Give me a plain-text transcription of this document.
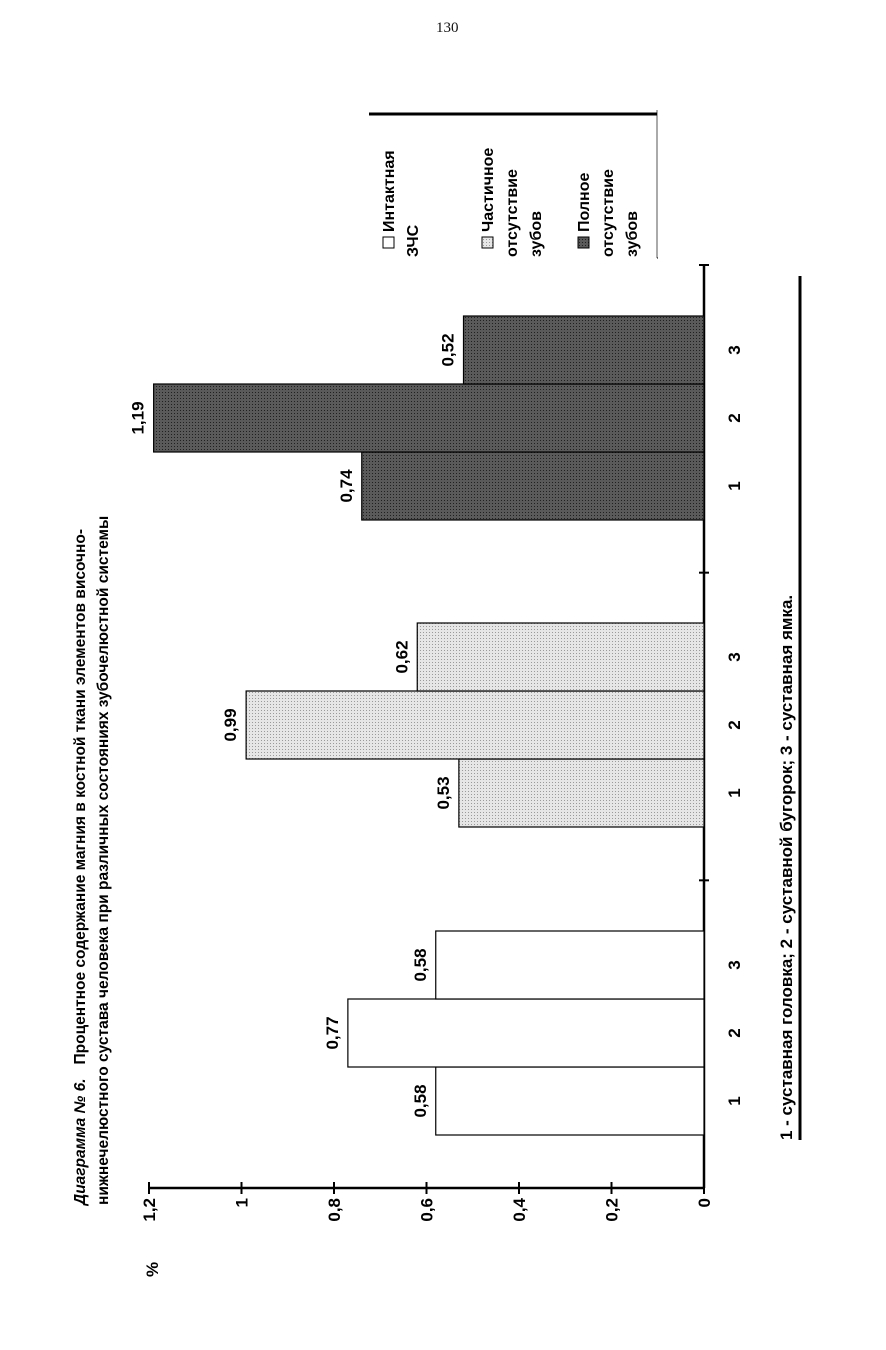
130
Диаграмма № 6.Процентное содержание магния в костной ткани элементов височно- нижнечелюстного сустава человека при различных состояниях зубочелюстной системы
%
0
0,2
0,4
0,6
0,8
1
1,2
0,58
0,77
0,58
0,53
0,99
0,62
0,74
1,19
0,52
1
2
3
1
2
3
1
2
3
Интактная
ЗЧС
Частичное отсутствие зубов
Полное отсутствие зубов
1 - суставная головка; 2 - суставной бугорок; 3 - суставная ямка.
